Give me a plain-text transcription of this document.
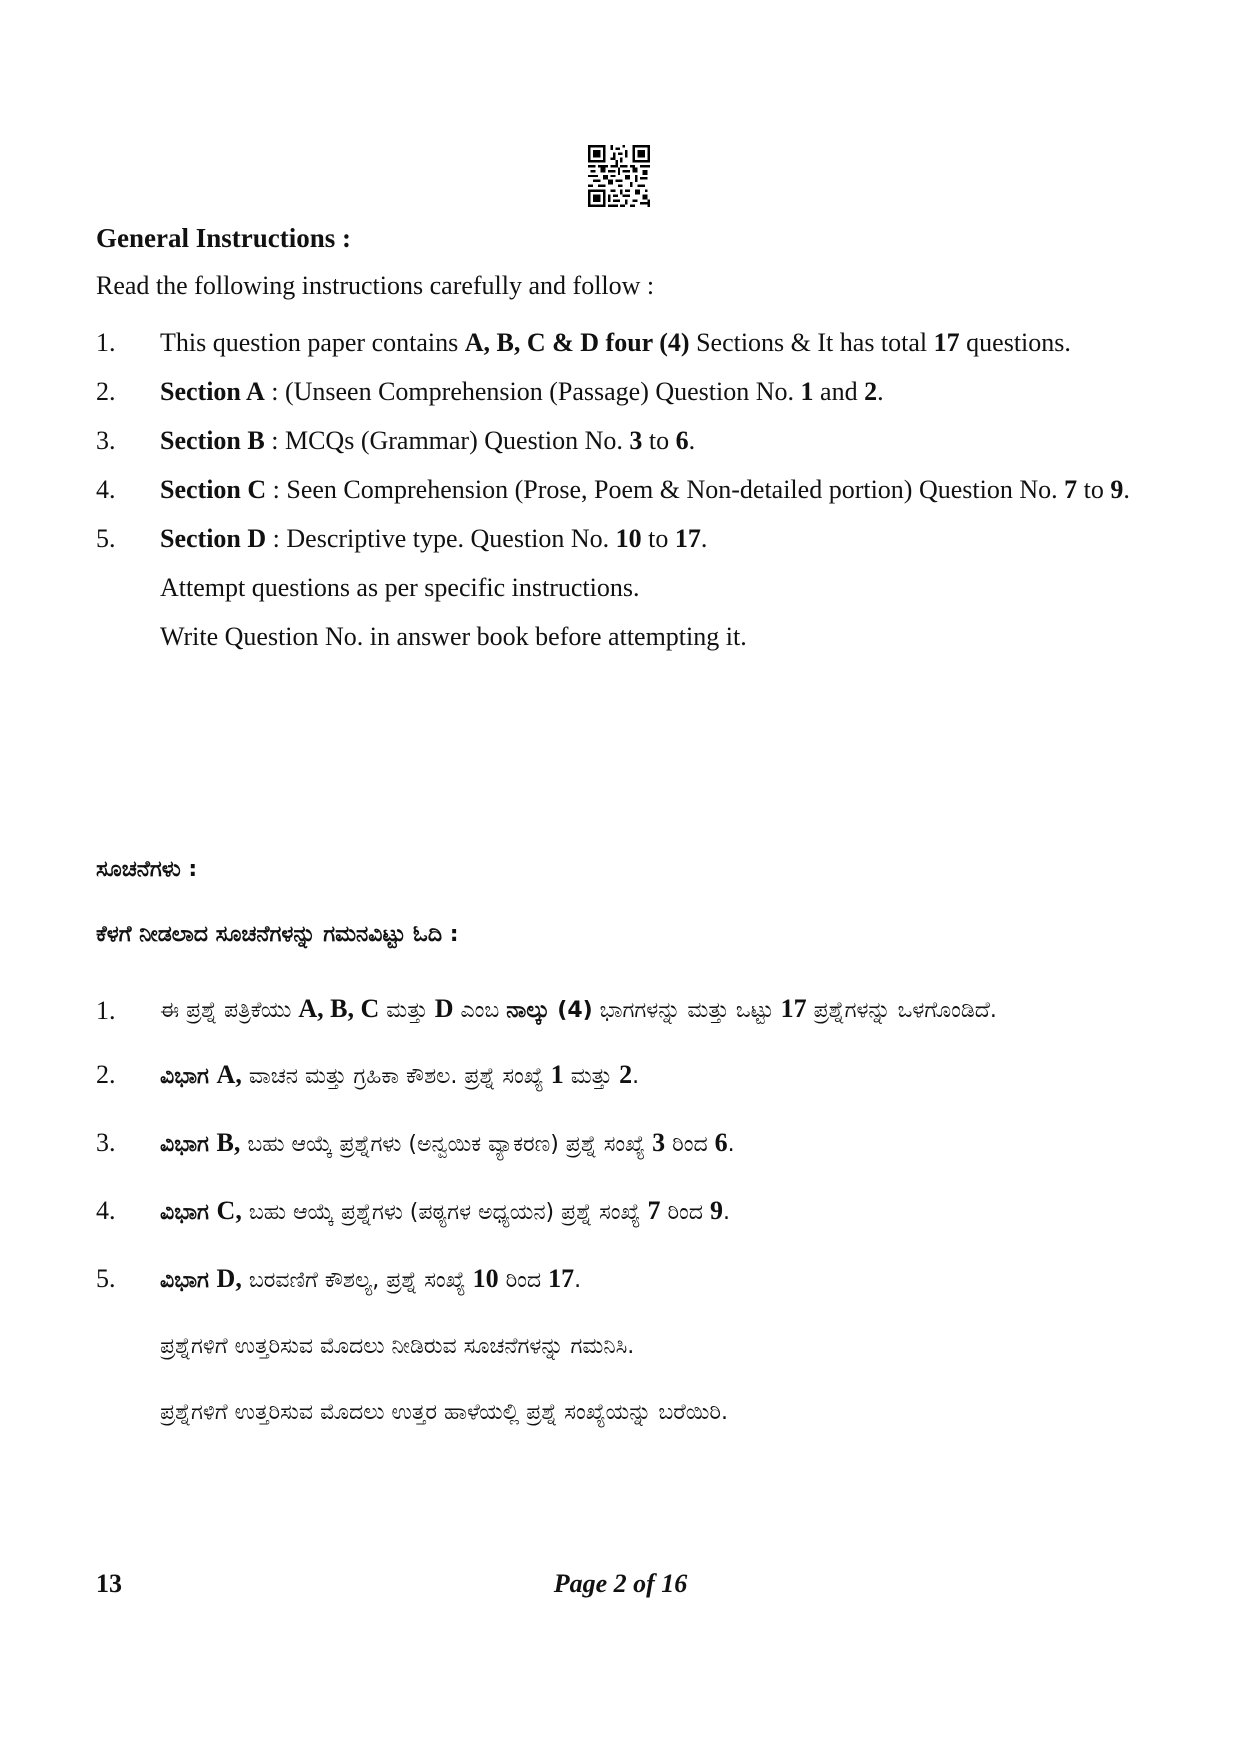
General Instructions :
Read the following instructions carefully and follow :
1. This question paper contains A, B, C & D four (4) Sections & It has total 17 questions.
2. Section A : (Unseen Comprehension (Passage) Question No. 1 and 2.
3. Section B : MCQs (Grammar) Question No. 3 to 6.
4. Section C : Seen Comprehension (Prose, Poem & Non-detailed portion) Question No. 7 to 9.
5. Section D : Descriptive type. Question No. 10 to 17.
Attempt questions as per specific instructions.
Write Question No. in answer book before attempting it.
ಸೂಚನೆಗಳು :
ಕೆಳಗೆ ನೀಡಲಾದ ಸೂಚನೆಗಳನ್ನು ಗಮನವಿಟ್ಟು ಓದಿ :
1. ಈ ಪ್ರಶ್ನೆ ಪತ್ರಿಕೆಯು A, B, C ಮತ್ತು D ಎಂಬ ನಾಲ್ಕು (4) ಭಾಗಗಳನ್ನು ಮತ್ತು ಒಟ್ಟು 17 ಪ್ರಶ್ನೆಗಳನ್ನು ಒಳಗೊಂಡಿದೆ.
2. ವಿಭಾಗ A, ವಾಚನ ಮತ್ತು ಗ್ರಹಿಕಾ ಕೌಶಲ. ಪ್ರಶ್ನೆ ಸಂಖ್ಯೆ 1 ಮತ್ತು 2.
3. ವಿಭಾಗ B, ಬಹು ಆಯ್ಕೆ ಪ್ರಶ್ನೆಗಳು (ಅನ್ವಯಿಕ ವ್ಯಾಕರಣ) ಪ್ರಶ್ನೆ ಸಂಖ್ಯೆ 3 ರಿಂದ 6.
4. ವಿಭಾಗ C, ಬಹು ಆಯ್ಕೆ ಪ್ರಶ್ನೆಗಳು (ಪಠ್ಯಗಳ ಅಧ್ಯಯನ) ಪ್ರಶ್ನೆ ಸಂಖ್ಯೆ 7 ರಿಂದ 9.
5. ವಿಭಾಗ D, ಬರವಣಿಗೆ ಕೌಶಲ್ಯ, ಪ್ರಶ್ನೆ ಸಂಖ್ಯೆ 10 ರಿಂದ 17.
ಪ್ರಶ್ನೆಗಳಿಗೆ ಉತ್ತರಿಸುವ ಮೊದಲು ನೀಡಿರುವ ಸೂಚನೆಗಳನ್ನು ಗಮನಿಸಿ.
ಪ್ರಶ್ನೆಗಳಿಗೆ ಉತ್ತರಿಸುವ ಮೊದಲು ಉತ್ತರ ಹಾಳೆಯಲ್ಲಿ ಪ್ರಶ್ನೆ ಸಂಖ್ಯೆಯನ್ನು ಬರೆಯಿರಿ.
13	Page 2 of 16
